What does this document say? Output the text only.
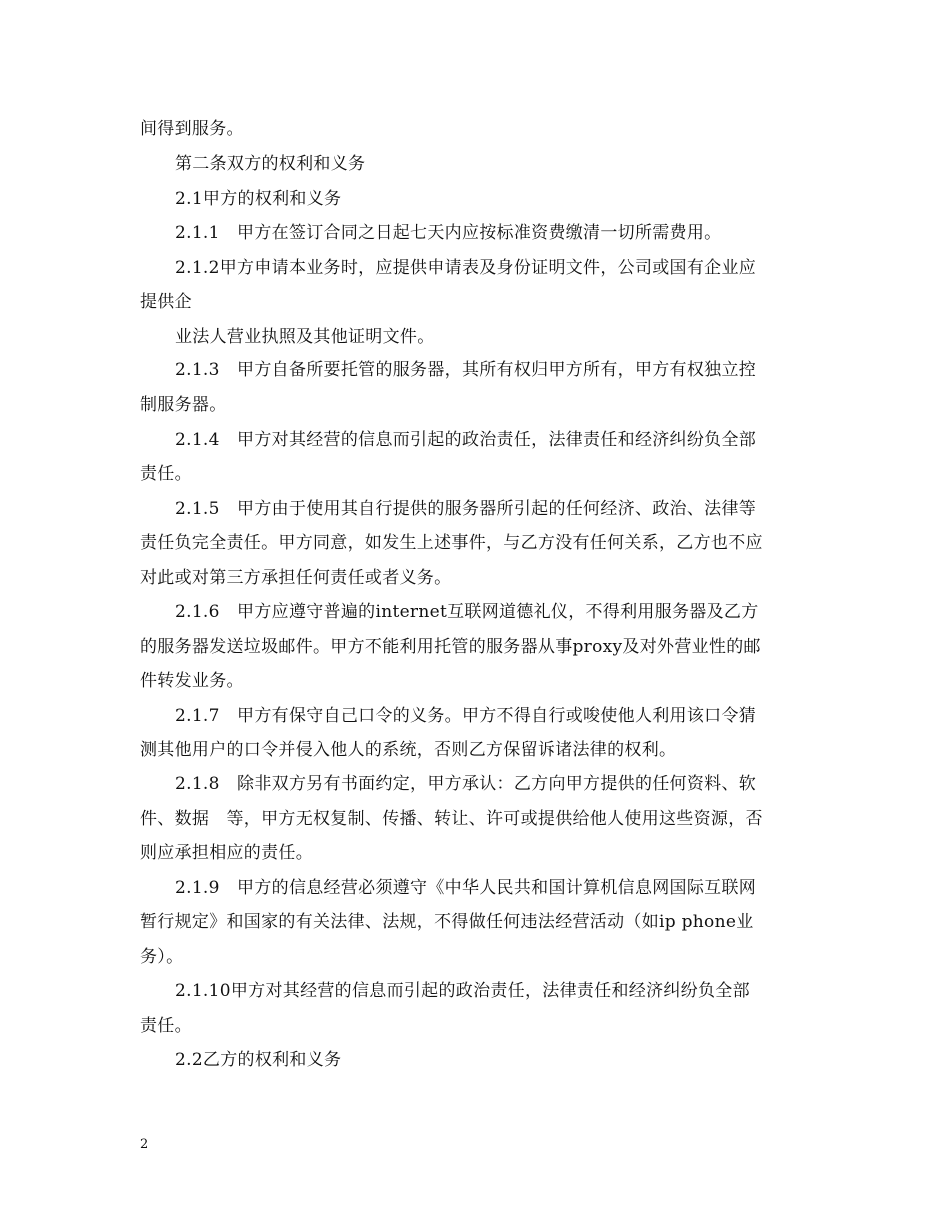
间得到服务。
第二条双方的权利和义务
2.1甲方的权利和义务
2.1.1　甲方在签订合同之日起七天内应按标准资费缴清一切所需费用。
2.1.2甲方申请本业务时，应提供申请表及身份证明文件，公司或国有企业应
提供企
业法人营业执照及其他证明文件。
2.1.3　甲方自备所要托管的服务器，其所有权归甲方所有，甲方有权独立控
制服务器。
2.1.4　甲方对其经营的信息而引起的政治责任，法律责任和经济纠纷负全部
责任。
2.1.5　甲方由于使用其自行提供的服务器所引起的任何经济、政治、法律等
责任负完全责任。甲方同意，如发生上述事件，与乙方没有任何关系，乙方也不应
对此或对第三方承担任何责任或者义务。
2.1.6　甲方应遵守普遍的internet互联网道德礼仪，不得利用服务器及乙方
的服务器发送垃圾邮件。甲方不能利用托管的服务器从事proxy及对外营业性的邮
件转发业务。
2.1.7　甲方有保守自己口令的义务。甲方不得自行或唆使他人利用该口令猜
测其他用户的口令并侵入他人的系统，否则乙方保留诉诸法律的权利。
2.1.8　除非双方另有书面约定，甲方承认：乙方向甲方提供的任何资料、软
件、数据　等，甲方无权复制、传播、转让、许可或提供给他人使用这些资源，否
则应承担相应的责任。
2.1.9　甲方的信息经营必须遵守《中华人民共和国计算机信息网国际互联网
暂行规定》和国家的有关法律、法规，不得做任何违法经营活动（如ip phone业
务）。
2.1.10甲方对其经营的信息而引起的政治责任，法律责任和经济纠纷负全部
责任。
2.2乙方的权利和义务
2
